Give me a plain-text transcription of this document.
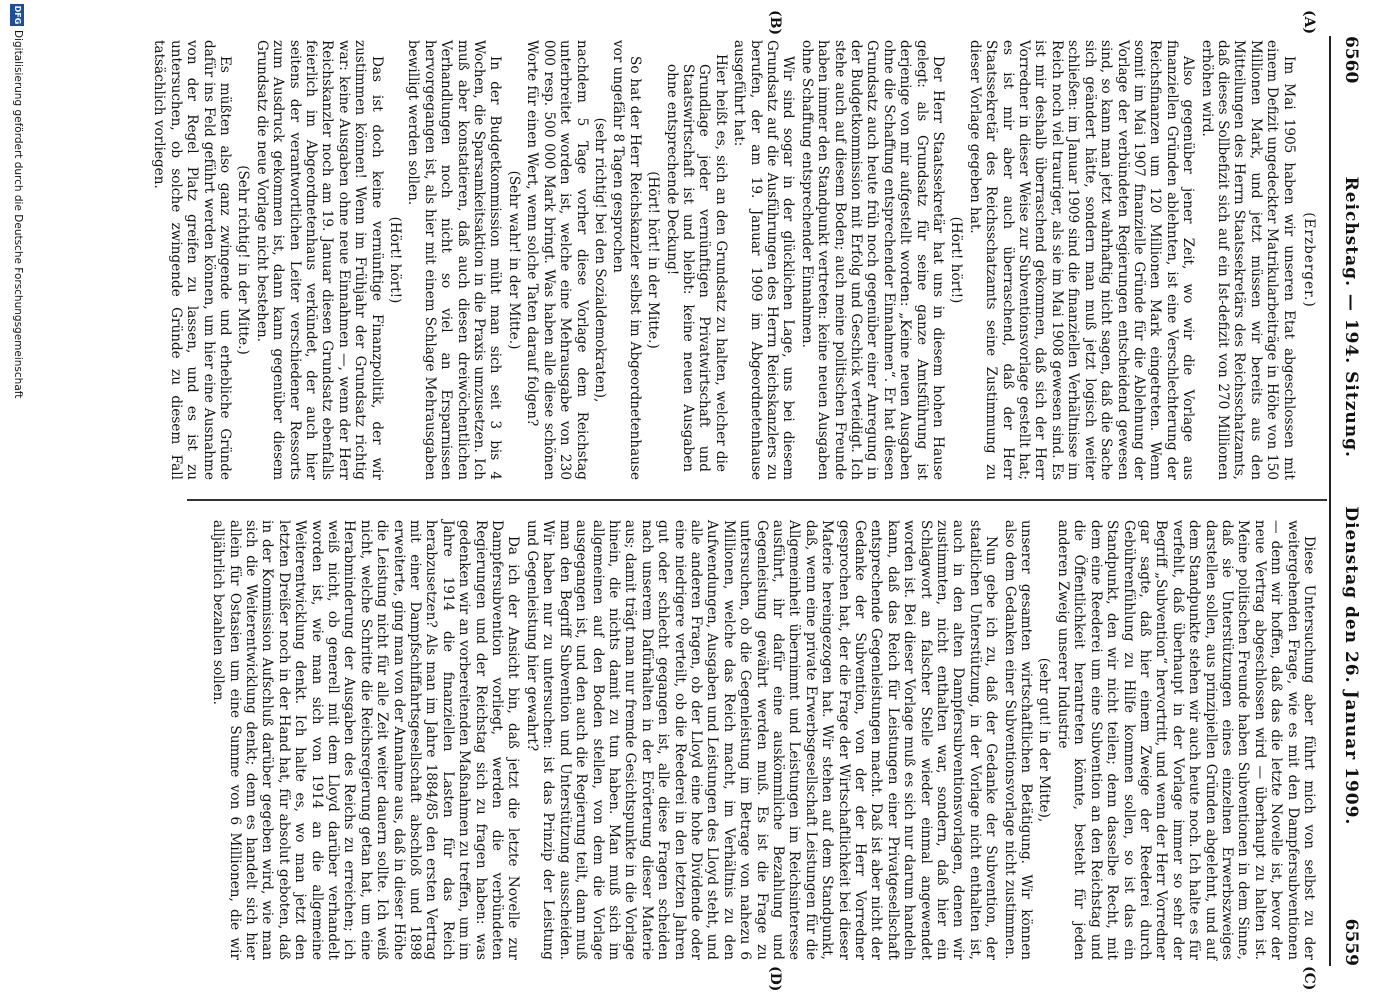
6560
Reichstag. — 194. Sitzung.       Dienstag den 26. Januar 1909.
6559
(A)
(B)
(C)
(D)
(Erzberger.)

Im Mai 1905 haben wir unseren Etat abgeschlossen mit einem Defizit ungedeckter Matrikularbeiträge in Höhe von 150 Millionen Mark, und jetzt müssen wir bereits aus den Mitteilungen des Herrn Staatssekretärs des Reichsschatzamts, daß dieses Sollbefizit sich auf ein Ist-defizit von 270 Millionen erhöhen wird.

Also gegenüber jener Zeit, wo wir die Vorlage aus finanziellen Gründen ablehnten, ist eine Verschlechterung der Reichsfinanzen um 120 Millionen Mark eingetreten. Wenn somit im Mai 1907 finanzielle Gründe für die Ablehnung der Vorlage der verbündeten Regierungen entscheidend gewesen sind, so kann man jetzt wahrhaftig nicht sagen, daß die Sache sich geändert hätte, sondern man muß jetzt logisch weiter schließen: im Januar 1909 sind die finanziellen Verhältnisse im Reich noch viel trauriger, als sie im Mai 1908 gewesen sind. Es ist mir deshalb überraschend gekommen, daß sich der Herr Vorredner in dieser Weise zur Subventionsvorlage gestellt hat; es ist mir aber auch überraschend, daß der Herr Staatssekretär des Reichsschatzamts seine Zustimmung zu dieser Vorlage gegeben hat.

(Hört! hört!)

Der Herr Staatssekretär hat uns in diesem hohen Hause gelegt: als Grundsatz für seine ganze Amtsführung ist derjenige von mir aufgestellt worden: „Keine neuen Ausgaben ohne die Schaffung entsprechender Einnahmen“. Er hat diesen Grundsatz auch heute früh noch gegenüber einer Anregung in der Budgetkommission mit Erfolg und Geschick verteidigt. Ich stehe auch auf diesem Boden; auch meine politischen Freunde haben immer den Standpunkt vertreten: keine neuen Ausgaben ohne Schaffung entsprechender Einnahmen.

Wir sind sogar in der glücklichen Lage, uns bei diesem Grundsatz auf die Ausführungen des Herrn Reichskanzlers zu berufen, der am 19. Januar 1909 im Abgeordnetenhause ausgeführt hat:

Hier heißt es, sich an den Grundsatz zu halten, welcher die Grundlage jeder vernünftigen Privatwirtschaft und Staatswirtschaft ist und bleibt: keine neuen Ausgaben ohne entsprechende Deckung!

(Hört! hört! in der Mitte.)

So hat der Herr Reichskanzler selbst im Abgeordnetenhause vor ungefähr 8 Tagen gesprochen

(sehr richtig! bei den Sozialdemokraten),

nachdem 5 Tage vorher diese Vorlage dem Reichstag unterbreitet worden ist, welche eine Mehrausgabe von 230 000 resp. 500 000 Mark bringt. Was haben alle diese schönen Worte für einen Wert, wenn solche Taten darauf folgen?

(Sehr wahr! in der Mitte.)

In der Budgetkommission müht man sich seit 3 bis 4 Wochen, die Sparsamkeitsaktion in die Praxis umzusetzen. Ich muß aber konstatieren, daß auch diesen dreiwöchentlichen Verhandlungen noch nicht so viel an Ersparnissen hervorgegangen ist, als hier mit einem Schlage Mehrausgaben bewilligt werden sollen.

(Hört! hört!)

Das ist doch keine vernünftige Finanzpolitik, der wir zustimmen können! Wenn im Frühjahr der Grundsatz richtig war: keine Ausgaben ohne neue Einnahmen —, wenn der Herr Reichskanzler noch am 19. Januar diesen Grundsatz ebenfalls feierlich im Abgeordnetenhaus verkündet, der auch hier seitens der verantwortlichen Leiter verschiedener Ressorts zum Ausdruck gekommen ist, dann kann gegenüber diesem Grundsatz die neue Vorlage nicht bestehen.

(Sehr richtig! in der Mitte.)

Es müßten also ganz zwingende und erhebliche Gründe dafür ins Feld geführt werden können, um hier eine Ausnahme von der Regel Platz greifen zu lassen, und es ist zu untersuchen, ob solche zwingende Gründe zu diesem Fall tatsächlich vorliegen.

Diese Untersuchung aber führt mich von selbst zu der weitergehenden Frage, wie es mit den Dampfersubventionen — denn wir hoffen, daß das die letzte Novelle ist, bevor der neue Vertrag abgeschlossen wird — überhaupt zu halten ist. Meine politischen Freunde haben Subventionen in dem Sinne, daß sie Unterstützungen eines einzelnen Erwerbszweiges darstellen sollen, aus prinzipiellen Gründen abgelehnt, und auf dem Standpunkte stehen wir auch heute noch. Ich halte es für verfehlt, daß überhaupt in der Vorlage immer so sehr der Begriff „Subvention“ hervortritt, und wenn der Herr Vorredner gar sagte, daß hier einem Zweige der Reederei durch Gebührenfühlung zu Hilfe kommen sollen, so ist das ein Standpunkt, den wir nicht teilen; denn dasselbe Recht, mit dem eine Reederei um eine Subvention an den Reichstag und die Öffentlichkeit herantreten könnte, besteht für jeden anderen Zweig unserer Industrie

(sehr gut! in der Mitte),

unserer gesamten wirtschaftlichen Betätigung. Wir können also dem Gedanken einer Subventionsvorlage nicht zustimmen.

Nun gebe ich zu, daß der Gedanke der Subvention, der staatlichen Unterstützung, in der Vorlage nicht enthalten ist, auch in den alten Dampfersubventionsvorlagen, denen wir zustimmten, nicht enthalten war, sondern, daß hier ein Schlagwort an falscher Stelle wieder einmal angewendet worden ist. Bei dieser Vorlage muß es sich nur darum handeln kann, daß das Reich für Leistungen einer Privatgesellschaft entsprechende Gegenleistungen macht. Daß ist aber nicht der Gedanke der Subvention, von der der Herr Vorredner gesprochen hat, der die Frage der Wirtschaftlichkeit bei dieser Materie hereingezogen hat. Wir stehen auf dem Standpunkt, daß, wenn eine private Erwerbsgesellschaft Leistungen für die Allgemeinheit übernimmt und Leistungen im Reichsinteresse ausführt, ihr dafür eine auskömmliche Bezahlung und Gegenleistung gewährt werden muß. Es ist die Frage zu untersuchen, ob die Gegenleistung im Betrage von nahezu 6 Millionen, welche das Reich macht, im Verhältnis zu den Aufwendungen, Ausgaben und Leistungen des Lloyd steht, und alle anderen Fragen, ob der Lloyd eine hohe Dividende oder eine niedrigere verteilt, ob die Reederei in den letzten Jahren gut oder schlecht gegangen ist, alle diese Fragen scheiden nach unserem Dafürhalten in der Erörterung dieser Materie aus; damit trägt man nur fremde Gesichtspunkte in die Vorlage hinein, die nichts damit zu tun haben. Man muß sich im allgemeinen auf den Boden stellen, von dem die Vorlage ausgegangen ist, und den auch die Regierung teilt, dann muß man den Begriff Subvention und Unterstützung ausscheiden. Wir haben nur zu untersuchen: ist das Prinzip der Leistung und Gegenleistung hier gewahrt?

Da ich der Ansicht bin, daß jetzt die letzte Novelle zur Dampfersubvention vorliegt, werden die verbündeten Regierungen und der Reichstag sich zu fragen haben: was gedenken wir an vorbereitenden Maßnahmen zu treffen, um im Jahre 1914 die finanziellen Lasten für das Reich herabzusetzen? Als man im Jahre 1884/85 den ersten Vertrag mit einer Dampfschiffahrtsgesellschaft abschloß und 1898 erweiterte, ging man von der Annahme aus, daß in dieser Höhe die Leistung nicht für alle Zeit weiter dauern sollte. Ich weiß nicht, welche Schritte die Reichsregierung getan hat, um eine Herabminderung der Ausgaben des Reichs zu erreichen; ich weiß nicht, ob generell mit dem Lloyd darüber verhandelt worden ist, wie man sich von 1914 an die allgemeine Weiterentwicklung denkt. Ich halte es, wo man jetzt den letzten Dreißer noch in der Hand hat, für absolut geboten, daß in der Kommission Aufschluß darüber gegeben wird, wie man sich die Weiterentwicklung denkt; denn es handelt sich hier allein für Ostasien um eine Summe von 6 Millionen, die wir alljährlich bezahlen sollen.

DFG
Digitalisierung gefördert durch die Deutsche Forschungsgemeinschaft
